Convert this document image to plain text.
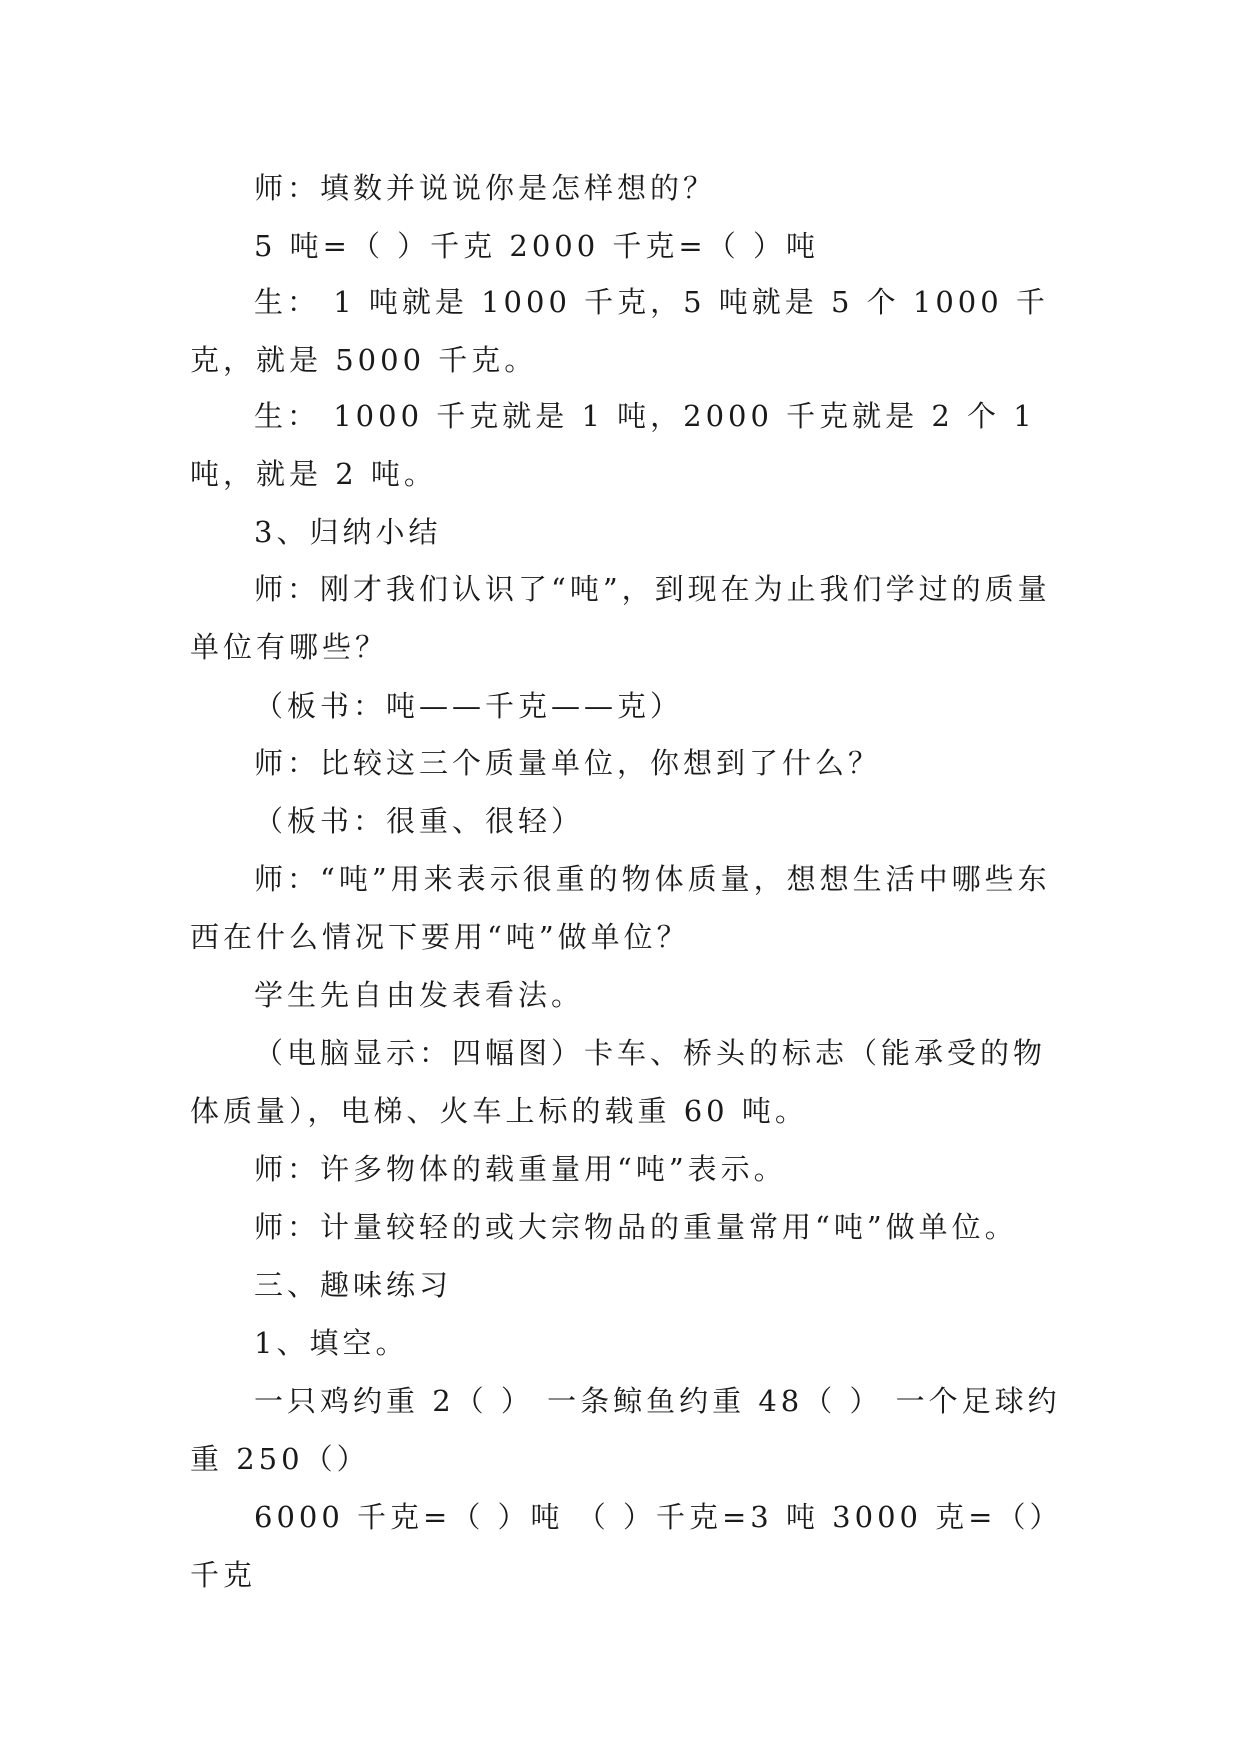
师：填数并说说你是怎样想的？

5 吨=（ ）千克 2000 千克=（ ）吨

生： 1 吨就是 1000 千克，5 吨就是 5 个 1000 千克，就是 5000 千克。

生： 1000 千克就是 1 吨，2000 千克就是 2 个 1 吨，就是 2 吨。

3、归纳小结

师：刚才我们认识了“吨”，到现在为止我们学过的质量单位有哪些？

（板书：吨——千克——克）

师：比较这三个质量单位，你想到了什么？

（板书：很重、很轻）

师：“吨”用来表示很重的物体质量，想想生活中哪些东西在什么情况下要用“吨”做单位？

学生先自由发表看法。

（电脑显示：四幅图）卡车、桥头的标志（能承受的物体质量），电梯、火车上标的载重 60 吨。

师：许多物体的载重量用“吨”表示。

师：计量较轻的或大宗物品的重量常用“吨”做单位。

三、趣味练习

1、填空。

一只鸡约重 2（ ） 一条鲸鱼约重 48（ ） 一个足球约重 250（）

6000 千克=（ ）吨 （ ）千克=3 吨 3000 克=（）千克
